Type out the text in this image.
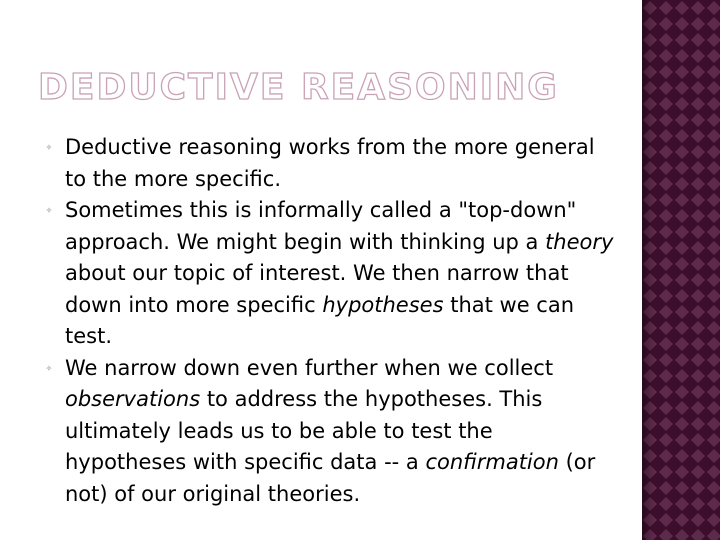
DEDUCTIVE REASONING
✧ Deductive reasoning works from the more general to the more specific.
✧ Sometimes this is informally called a "top-down" approach. We might begin with thinking up a theory about our topic of interest. We then narrow that down into more specific hypotheses that we can test.
✧ We narrow down even further when we collect observations to address the hypotheses. This ultimately leads us to be able to test the hypotheses with specific data -- a confirmation (or not) of our original theories.
